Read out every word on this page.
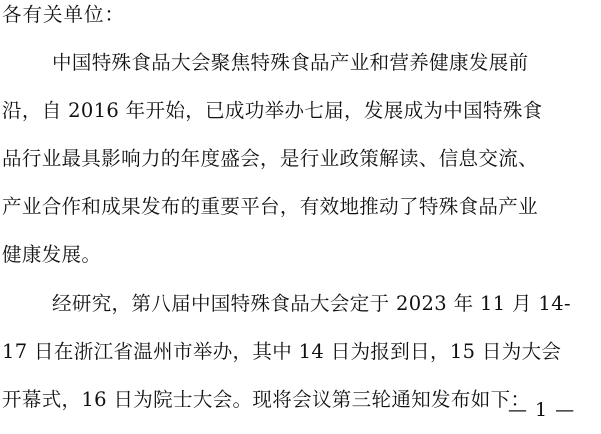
各有关单位：
中国特殊食品大会聚焦特殊食品产业和营养健康发展前
沿，自 2016 年开始，已成功举办七届，发展成为中国特殊食
品行业最具影响力的年度盛会，是行业政策解读、信息交流、
产业合作和成果发布的重要平台，有效地推动了特殊食品产业
健康发展。
经研究，第八届中国特殊食品大会定于 2023 年 11 月 14-
17 日在浙江省温州市举办，其中 14 日为报到日，15 日为大会
开幕式，16 日为院士大会。现将会议第三轮通知发布如下：
— 1 —
